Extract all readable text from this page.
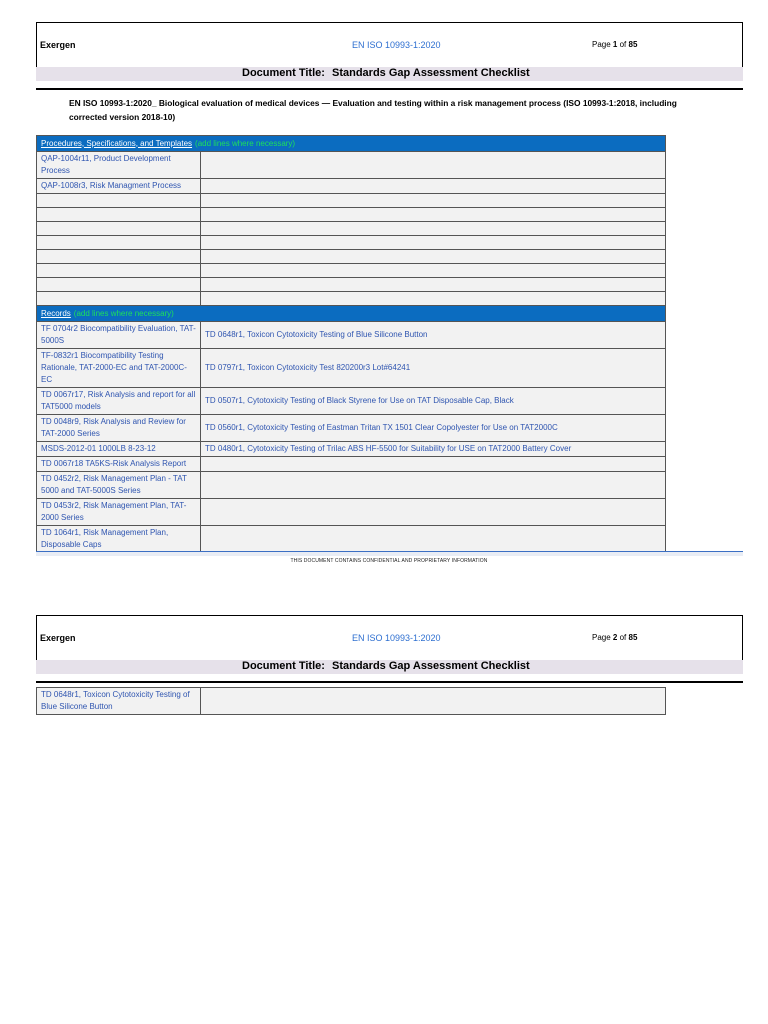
Exergen	EN ISO 10993-1:2020	Page 1 of 85
Document Title: Standards Gap Assessment Checklist
EN ISO 10993-1:2020_ Biological evaluation of medical devices — Evaluation and testing within a risk management process (ISO 10993-1:2018, including corrected version 2018-10)
Procedures, Specifications, and Templates (add lines where necessary)	
QAP-1004r11, Product Development Process	
QAP-1008r3, Risk Managment Process	

Records (add lines where necessary)	
TF 0704r2 Biocompatibility Evaluation, TAT-5000S	TD 0648r1, Toxicon Cytotoxicity Testing of Blue Silicone Button
TF-0832r1 Biocompatibility Testing Rationale, TAT-2000-EC and TAT-2000C-EC	TD 0797r1, Toxicon Cytotoxicity Test 820200r3 Lot#64241
TD 0067r17, Risk Analysis and report for all TAT5000 models	TD 0507r1, Cytotoxicity Testing of Black Styrene for Use on TAT Disposable Cap, Black
TD 0048r9, Risk Analysis and Review for TAT-2000 Series	TD 0560r1, Cytotoxicity Testing of Eastman Tritan TX 1501 Clear Copolyester for Use on TAT2000C
MSDS-2012-01 1000LB 8-23-12	TD 0480r1, Cytotoxicity Testing of Trilac ABS HF-5500 for Suitability for USE on TAT2000 Battery Cover
TD 0067r18 TA5KS-Risk Analysis Report	
TD 0452r2, Risk Management Plan - TAT 5000 and TAT-5000S Series	
TD 0453r2, Risk Management Plan, TAT-2000 Series	
TD 1064r1, Risk Management Plan, Disposable Caps	
THIS DOCUMENT CONTAINS CONFIDENTIAL AND PROPRIETARY INFORMATION
Exergen	EN ISO 10993-1:2020	Page 2 of 85
Document Title: Standards Gap Assessment Checklist
TD 0648r1, Toxicon Cytotoxicity Testing of Blue Silicone Button	
